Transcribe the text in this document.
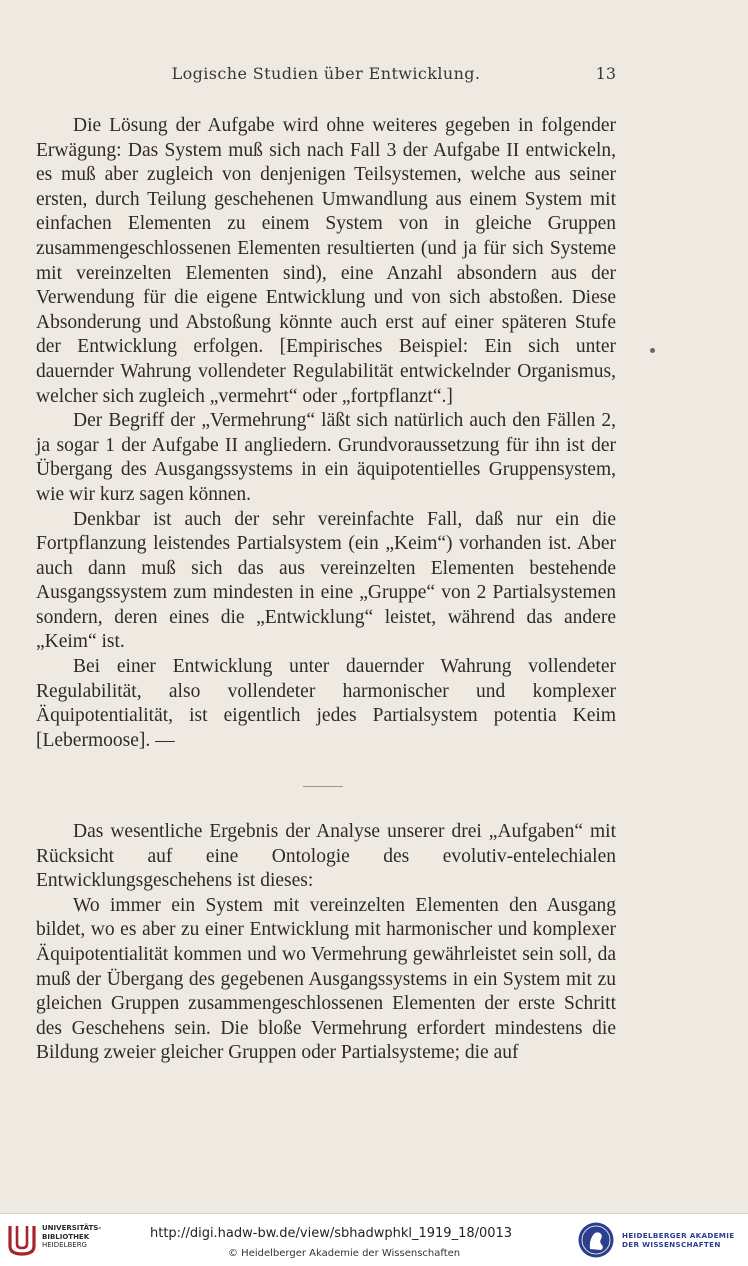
Logische Studien über Entwicklung.	13

Die Lösung der Aufgabe wird ohne weiteres gegeben in folgender Erwägung: Das System muß sich nach Fall 3 der Aufgabe II entwickeln, es muß aber zugleich von denjenigen Teilsystemen, welche aus seiner ersten, durch Teilung geschehenen Umwandlung aus einem System mit einfachen Elementen zu einem System von in gleiche Gruppen zusammengeschlossenen Elementen resultierten (und ja für sich Systeme mit vereinzelten Elementen sind), eine Anzahl absondern aus der Verwendung für die eigene Entwicklung und von sich abstoßen. Diese Absonderung und Abstoßung könnte auch erst auf einer späteren Stufe der Entwicklung erfolgen. [Empirisches Beispiel: Ein sich unter dauernder Wahrung vollendeter Regulabilität entwickelnder Organismus, welcher sich zugleich „vermehrt“ oder „fortpflanzt“.]

Der Begriff der „Vermehrung“ läßt sich natürlich auch den Fällen 2, ja sogar 1 der Aufgabe II angliedern. Grundvoraussetzung für ihn ist der Übergang des Ausgangssystems in ein äquipotentielles Gruppensystem, wie wir kurz sagen können.

Denkbar ist auch der sehr vereinfachte Fall, daß nur ein die Fortpflanzung leistendes Partialsystem (ein „Keim“) vorhanden ist. Aber auch dann muß sich das aus vereinzelten Elementen bestehende Ausgangssystem zum mindesten in eine „Gruppe“ von 2 Partialsystemen sondern, deren eines die „Entwicklung“ leistet, während das andere „Keim“ ist.

Bei einer Entwicklung unter dauernder Wahrung vollendeter Regulabilität, also vollendeter harmonischer und komplexer Äquipotentialität, ist eigentlich jedes Partialsystem potentia Keim [Lebermoose]. —

Das wesentliche Ergebnis der Analyse unserer drei „Aufgaben“ mit Rücksicht auf eine Ontologie des evolutiv-entelechialen Entwicklungsgeschehens ist dieses:

Wo immer ein System mit vereinzelten Elementen den Ausgang bildet, wo es aber zu einer Entwicklung mit harmonischer und komplexer Äquipotentialität kommen und wo Vermehrung gewährleistet sein soll, da muß der Übergang des gegebenen Ausgangssystems in ein System mit zu gleichen Gruppen zusammengeschlossenen Elementen der erste Schritt des Geschehens sein. Die bloße Vermehrung erfordert mindestens die Bildung zweier gleicher Gruppen oder Partialsysteme; die auf

UNIVERSITÄTS-
BIBLIOTHEK
HEIDELBERG
http://digi.hadw-bw.de/view/sbhadwphkl_1919_18/0013
© Heidelberger Akademie der Wissenschaften
HEIDELBERGER AKADEMIE
DER WISSENSCHAFTEN
